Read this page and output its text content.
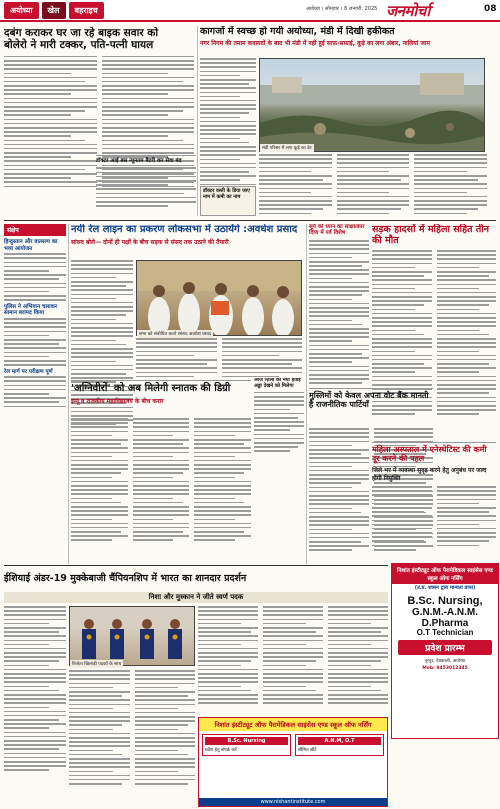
अयोध्या	खेल	बहराइच	अयोध्या । सोमवार । 8 जनवरी, 2025 जनमोर्चा	08
दबंग कराकर घर जा रहे बाइक सवार को
बोलेरो ने मारी टक्कर, पति-पत्नी घायल
कागजों में स्वच्छ हो गयी अयोध्या, मंडी में दिखी हकीकत
नगर निगम की तमाम कवायदों के बाद भी मंडी में नहीं हुई साफ़-सफ़ाई, कूड़े का लगा अंबार, नालियां जाम
मंडी परिसर में लगा कूड़े का ढेर
डॉक्टर आई बस न्यूनतम बैटरी कर सेवा बंद
डॉक्टर वस्ती के डिया जाए नाम में कमी का नाम
संक्षेप
हिन्दुस्तान और वात्सल्य का भव्य आयोजन
पुलिस ने अभियान चलाकर सामान बरामद किया
रेल मार्ग पर परीक्षण पूर्ण
नयी रेल लाइन का प्रकरण लोकसभा में उठायेंगे :अवधेश प्रसाद
सांसद बोले— दोनों ही पक्षों के बीच सड़क से संसद तक उठाने की तैयारी
सभा को संबोधित करते सांसद अवधेश प्रसाद
आज ज़िला का नया हवाई अड्डा देखने को मिलेगा
'अग्निवीरों' को अब मिलेगी स्नातक की डिग्री
इग्नू व राजकीय महाविद्यालय के बीच करार
सूर्य को ध्यान का साक्षात्कार दिव्य में पर्व विशेष	सड़क हादसों में महिला सहित तीन की मौत
मुस्लिमों को केवल अपना वोट बैंक मानती है राजनीतिक पार्टियाँ
महिला अस्पताल में एनेस्थेटिस्ट की कमी दूर करने की पहल
जिले भर में व्यवस्था सुदृढ़ करने हेतु अनुबंध पर जल्द होगी नियुक्ति
ईशियाई अंडर-19 मुक्केबाजी चैंपियनशिप में भारत का शानदार प्रदर्शन
निशा और मुस्कान ने जीते स्वर्ण पदक
विजेता खिलाड़ी पदकों के साथ
निशांत इंस्टीट्यूट ऑफ पैरामेडिकल साइंसेस एण्ड स्कूल ऑफ नर्सिंग
B.Sc. Nursing
प्रवेश हेतु संपर्क करें
A.N.M, O.T
सीमित सीटें
www.nishantinstitute.com
निशांत इंस्टीट्यूट ऑफ पैरामेडिकल साइंसेस एण्ड स्कूल ऑफ नर्सिंग
(उ.प्र. शासन द्वारा मान्यता प्राप्त)
B.Sc. Nursing,
G.N.M.-A.N.M.
D.Pharma
O.T Technician
प्रवेश प्रारम्भ
नूरपुर, देवकाली, अयोध्या
Mob: 9453012345
